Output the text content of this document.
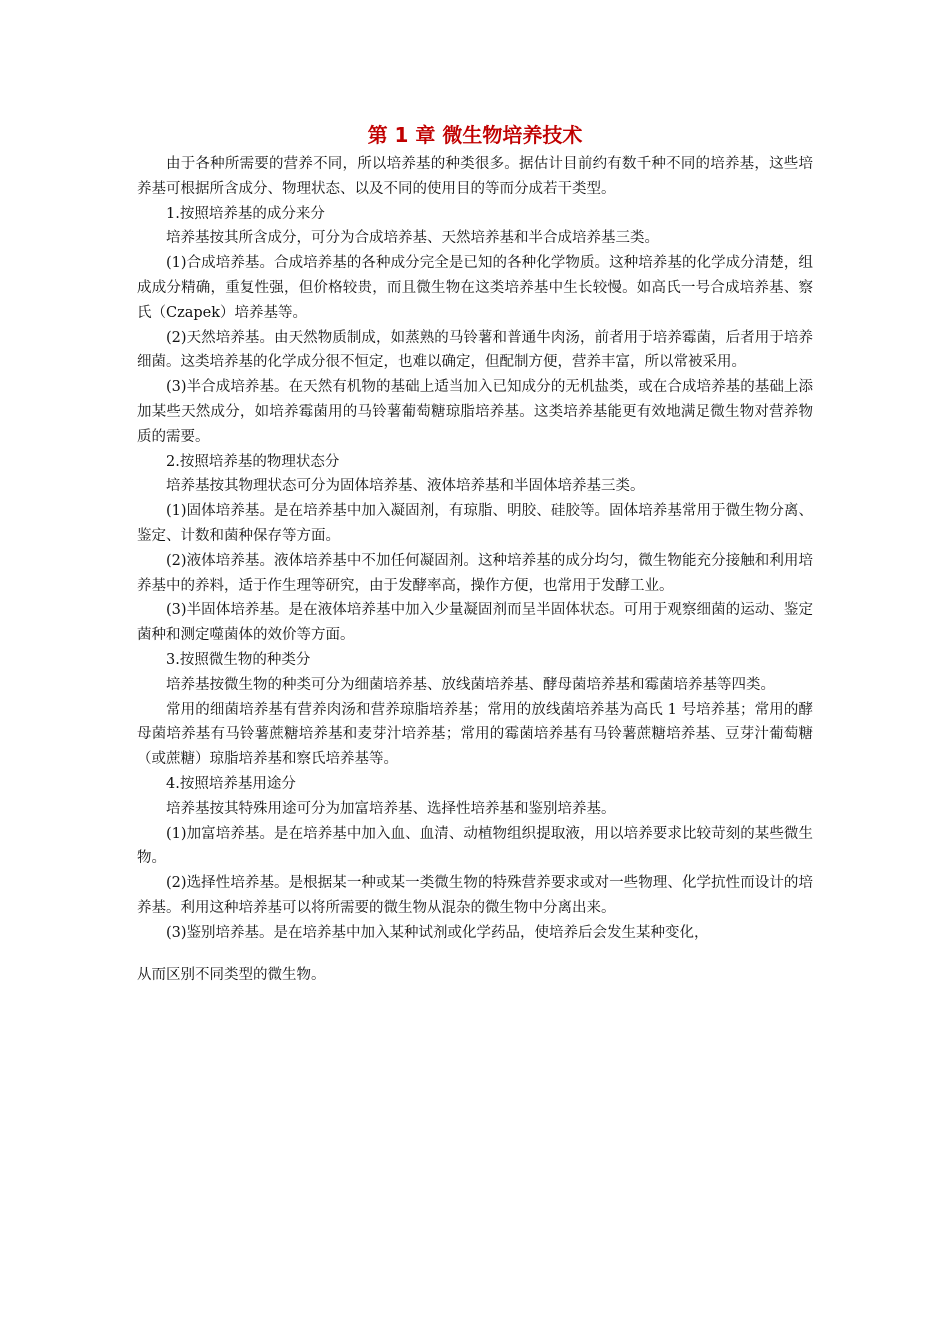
第 1 章 微生物培养技术

由于各种所需要的营养不同，所以培养基的种类很多。据估计目前约有数千种不同的培养基，这些培养基可根据所含成分、物理状态、以及不同的使用目的等而分成若干类型。

1.按照培养基的成分来分

培养基按其所含成分，可分为合成培养基、天然培养基和半合成培养基三类。

(1)合成培养基。合成培养基的各种成分完全是已知的各种化学物质。这种培养基的化学成分清楚，组成成分精确，重复性强，但价格较贵，而且微生物在这类培养基中生长较慢。如高氏一号合成培养基、察氏（Czapek）培养基等。

(2)天然培养基。由天然物质制成，如蒸熟的马铃薯和普通牛肉汤，前者用于培养霉菌，后者用于培养细菌。这类培养基的化学成分很不恒定，也难以确定，但配制方便，营养丰富，所以常被采用。

(3)半合成培养基。在天然有机物的基础上适当加入已知成分的无机盐类，或在合成培养基的基础上添加某些天然成分，如培养霉菌用的马铃薯葡萄糖琼脂培养基。这类培养基能更有效地满足微生物对营养物质的需要。

2.按照培养基的物理状态分

培养基按其物理状态可分为固体培养基、液体培养基和半固体培养基三类。

(1)固体培养基。是在培养基中加入凝固剂，有琼脂、明胶、硅胶等。固体培养基常用于微生物分离、鉴定、计数和菌种保存等方面。

(2)液体培养基。液体培养基中不加任何凝固剂。这种培养基的成分均匀，微生物能充分接触和利用培养基中的养料，适于作生理等研究，由于发酵率高，操作方便，也常用于发酵工业。

(3)半固体培养基。是在液体培养基中加入少量凝固剂而呈半固体状态。可用于观察细菌的运动、鉴定菌种和测定噬菌体的效价等方面。

3.按照微生物的种类分

培养基按微生物的种类可分为细菌培养基、放线菌培养基、酵母菌培养基和霉菌培养基等四类。

常用的细菌培养基有营养肉汤和营养琼脂培养基；常用的放线菌培养基为高氏 1 号培养基；常用的酵母菌培养基有马铃薯蔗糖培养基和麦芽汁培养基；常用的霉菌培养基有马铃薯蔗糖培养基、豆芽汁葡萄糖（或蔗糖）琼脂培养基和察氏培养基等。

4.按照培养基用途分

培养基按其特殊用途可分为加富培养基、选择性培养基和鉴别培养基。

(1)加富培养基。是在培养基中加入血、血清、动植物组织提取液，用以培养要求比较苛刻的某些微生物。

(2)选择性培养基。是根据某一种或某一类微生物的特殊营养要求或对一些物理、化学抗性而设计的培养基。利用这种培养基可以将所需要的微生物从混杂的微生物中分离出来。

(3)鉴别培养基。是在培养基中加入某种试剂或化学药品，使培养后会发生某种变化，

从而区别不同类型的微生物。
